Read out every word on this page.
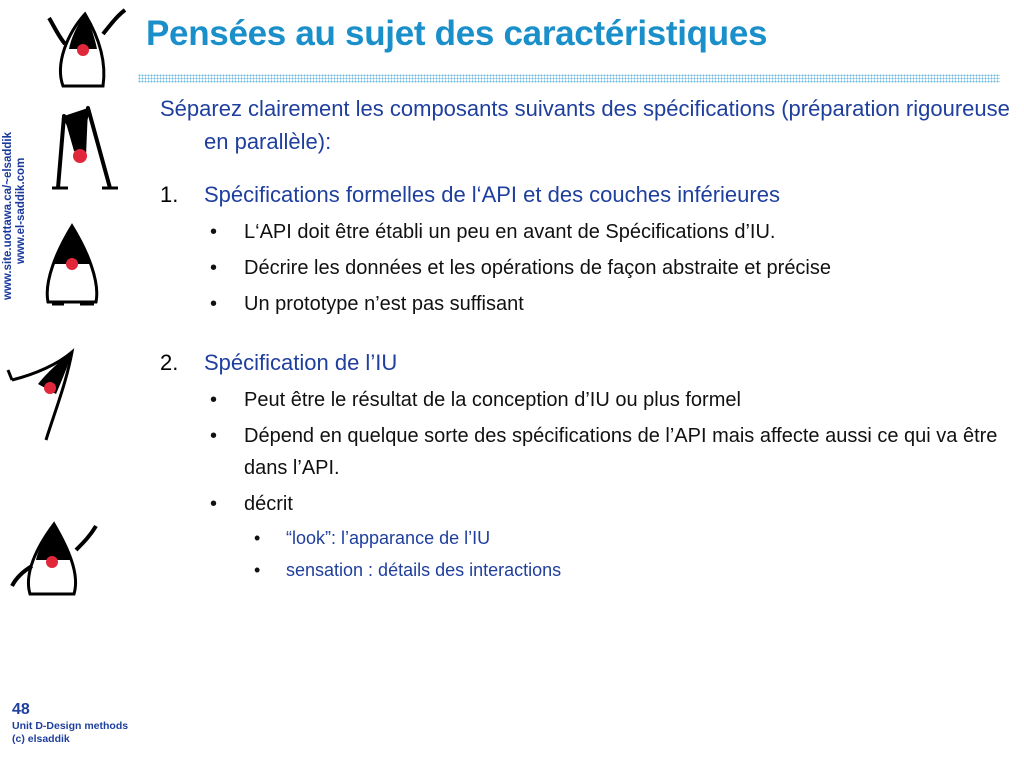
www.site.uottawa.ca/~elsaddik www.el-saddik.com
Pensées au sujet des caractéristiques
Séparez clairement les composants suivants des spécifications (préparation rigoureuse en parallèle):
1.	Spécifications formelles de l‘API et des couches inférieures
• L‘API doit être établi un peu en avant de Spécifications d’IU.
• Décrire les données et les opérations de façon abstraite et précise
• Un prototype n’est pas suffisant
2.	Spécification de l’IU
• Peut être le résultat de la conception d’IU ou plus formel
• Dépend en quelque sorte des spécifications de l’API mais affecte aussi ce qui va être dans l’API.
• décrit
• “look”: l’apparance de l’IU
• sensation : détails des interactions
48
Unit D-Design methods
(c) elsaddik
